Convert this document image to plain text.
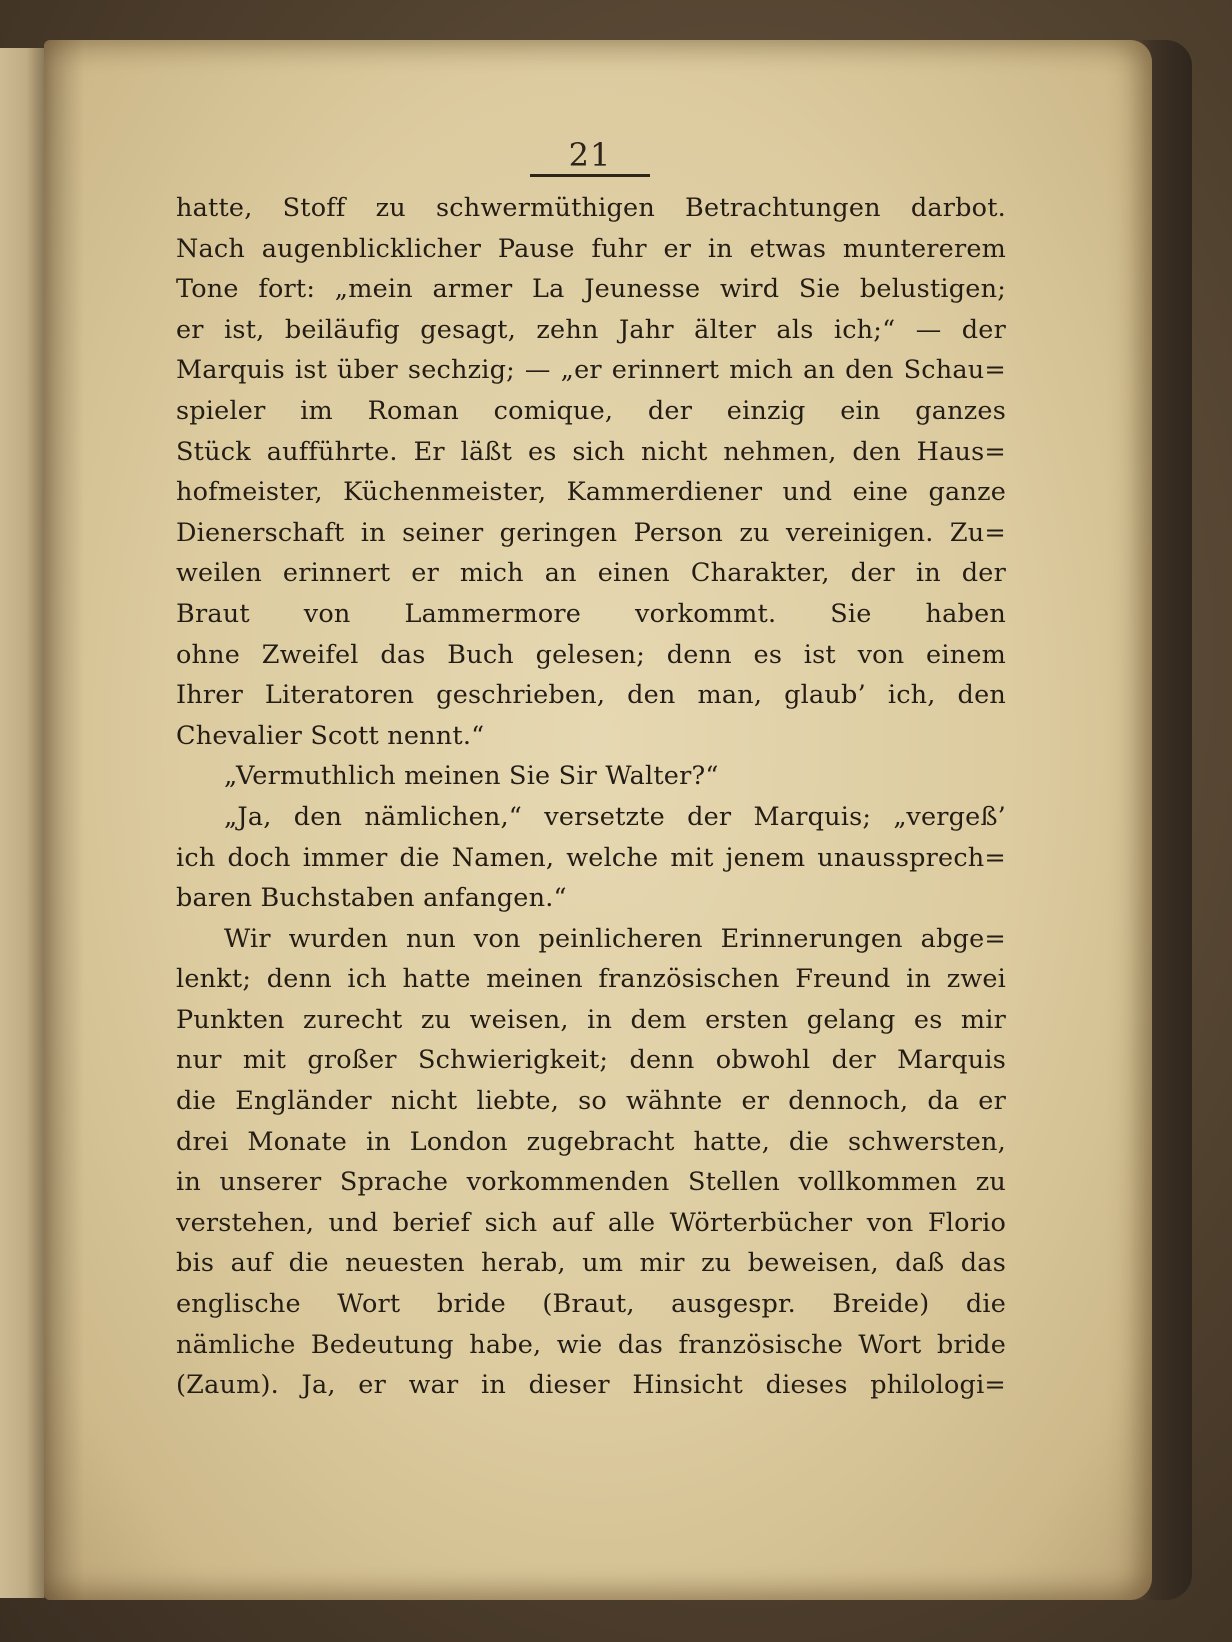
21
hatte, Stoff zu schwermüthigen Betrachtungen darbot.
Nach augenblicklicher Pause fuhr er in etwas muntererem
Tone fort: „mein armer La Jeunesse wird Sie belustigen;
er ist, beiläufig gesagt, zehn Jahr älter als ich;“ — der
Marquis ist über sechzig; — „er erinnert mich an den Schau=
spieler im Roman comique, der einzig ein ganzes
Stück aufführte. Er läßt es sich nicht nehmen, den Haus=
hofmeister, Küchenmeister, Kammerdiener und eine ganze
Dienerschaft in seiner geringen Person zu vereinigen. Zu=
weilen erinnert er mich an einen Charakter, der in der
Braut von Lammermore vorkommt. Sie haben
ohne Zweifel das Buch gelesen; denn es ist von einem
Ihrer Literatoren geschrieben, den man, glaub’ ich, den
Chevalier Scott nennt.“
„Vermuthlich meinen Sie Sir Walter?“
„Ja, den nämlichen,“ versetzte der Marquis; „vergeß’
ich doch immer die Namen, welche mit jenem unaussprech=
baren Buchstaben anfangen.“
Wir wurden nun von peinlicheren Erinnerungen abge=
lenkt; denn ich hatte meinen französischen Freund in zwei
Punkten zurecht zu weisen, in dem ersten gelang es mir
nur mit großer Schwierigkeit; denn obwohl der Marquis
die Engländer nicht liebte, so wähnte er dennoch, da er
drei Monate in London zugebracht hatte, die schwersten,
in unserer Sprache vorkommenden Stellen vollkommen zu
verstehen, und berief sich auf alle Wörterbücher von Florio
bis auf die neuesten herab, um mir zu beweisen, daß das
englische Wort bride (Braut, ausgespr. Breide) die
nämliche Bedeutung habe, wie das französische Wort bride
(Zaum). Ja, er war in dieser Hinsicht dieses philologi=
